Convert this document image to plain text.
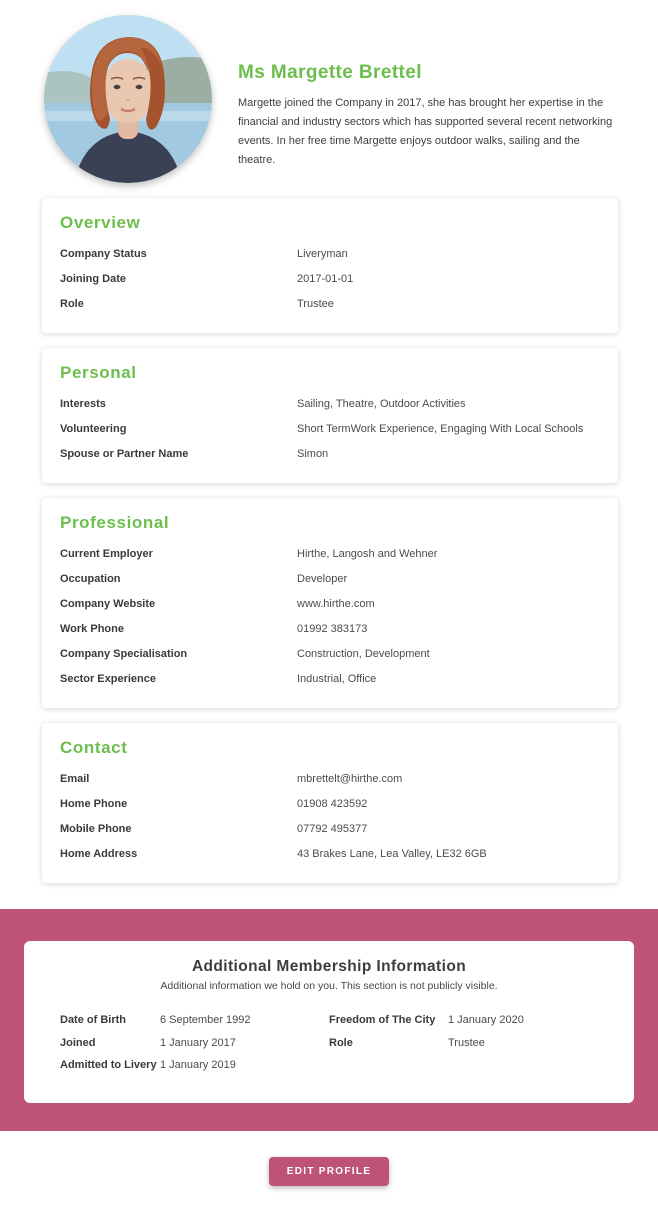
Ms Margette Brettel
Margette joined the Company in 2017, she has brought her expertise in the financial and industry sectors which has supported several recent networking events. In her free time Margette enjoys outdoor walks, sailing and the theatre.
Overview
Company Status	Liveryman
Joining Date	2017-01-01
Role	Trustee
Personal
Interests	Sailing, Theatre, Outdoor Activities
Volunteering	Short TermWork Experience, Engaging With Local Schools
Spouse or Partner Name	Simon
Professional
Current Employer	Hirthe, Langosh and Wehner
Occupation	Developer
Company Website	www.hirthe.com
Work Phone	01992 383173
Company Specialisation	Construction, Development
Sector Experience	Industrial, Office
Contact
Email	mbrettelt@hirthe.com
Home Phone	01908 423592
Mobile Phone	07792 495377
Home Address	43 Brakes Lane, Lea Valley, LE32 6GB
Additional Membership Information
Additional information we hold on you. This section is not publicly visible.
Date of Birth	6 September 1992
Joined	1 January 2017
Admitted to Livery 1 January 2019
Freedom of The City	1 January 2020
Role	Trustee
EDIT PROFILE
